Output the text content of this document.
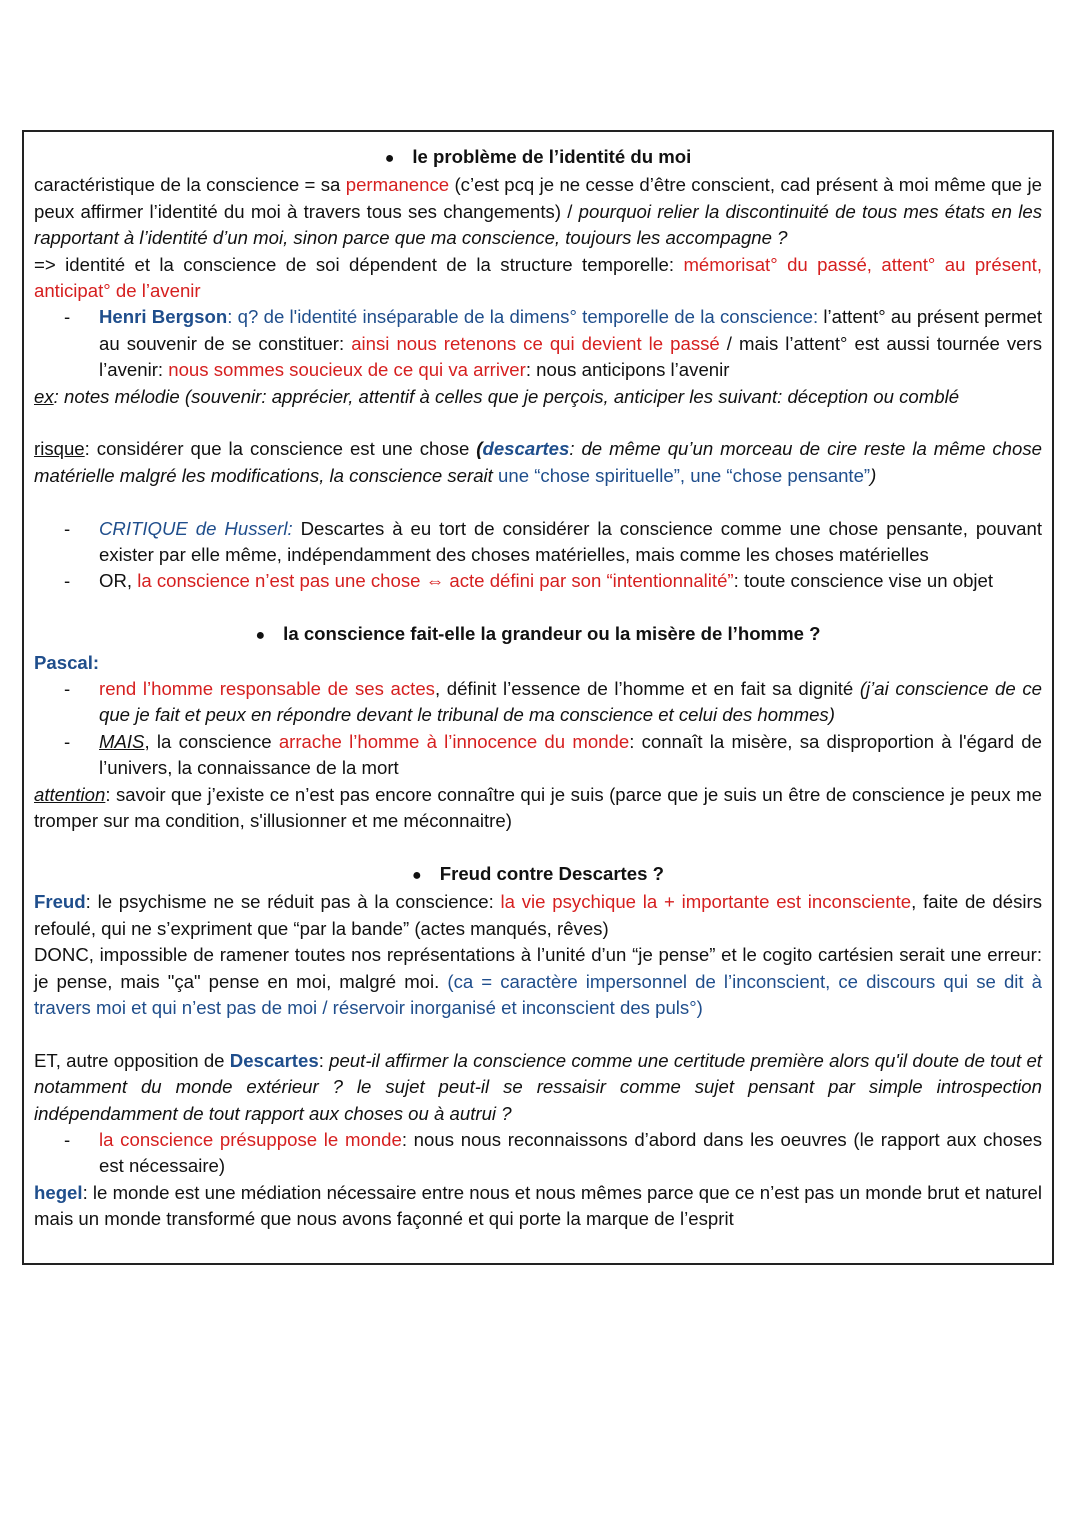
● le problème de l’identité du moi

caractéristique de la conscience = sa permanence (c’est pcq je ne cesse d’être conscient, cad présent à moi même que je peux affirmer l’identité du moi à travers tous ses changements) / pourquoi relier la discontinuité de tous mes états en les rapportant à l’identité d’un moi, sinon parce que ma conscience, toujours les accompagne ?

=> identité et la conscience de soi dépendent de la structure temporelle: mémorisat° du passé, attent° au présent, anticipat° de l’avenir

- Henri Bergson: q? de l'identité inséparable de la dimens° temporelle de la conscience: l’attent° au présent permet au souvenir de se constituer: ainsi nous retenons ce qui devient le passé / mais l’attent° est aussi tournée vers l’avenir: nous sommes soucieux de ce qui va arriver: nous anticipons l’avenir

ex: notes mélodie (souvenir: apprécier, attentif à celles que je perçois, anticiper les suivant: déception ou comblé

risque: considérer que la conscience est une chose (descartes: de même qu’un morceau de cire reste la même chose matérielle malgré les modifications, la conscience serait une “chose spirituelle”, une “chose pensante”)

- CRITIQUE de Husserl: Descartes à eu tort de considérer la conscience comme une chose pensante, pouvant exister par elle même, indépendamment des choses matérielles, mais comme les choses matérielles

- OR, la conscience n’est pas une chose ⇔ acte défini par son “intentionnalité”: toute conscience vise un objet

● la conscience fait-elle la grandeur ou la misère de l’homme ?

Pascal:

- rend l’homme responsable de ses actes, définit l’essence de l’homme et en fait sa dignité (j’ai conscience de ce que je fait et peux en répondre devant le tribunal de ma conscience et celui des hommes)

- MAIS, la conscience arrache l’homme à l’innocence du monde: connaît la misère, sa disproportion à l'égard de l’univers, la connaissance de la mort

attention: savoir que j’existe ce n’est pas encore connaître qui je suis (parce que je suis un être de conscience je peux me tromper sur ma condition, s'illusionner et me méconnaitre)

● Freud contre Descartes ?

Freud: le psychisme ne se réduit pas à la conscience: la vie psychique la + importante est inconsciente, faite de désirs refoulé, qui ne s’expriment que “par la bande” (actes manqués, rêves)

DONC, impossible de ramener toutes nos représentations à l’unité d’un “je pense” et le cogito cartésien serait une erreur: je pense, mais "ça" pense en moi, malgré moi. (ca = caractère impersonnel de l’inconscient, ce discours qui se dit à travers moi et qui n’est pas de moi / réservoir inorganisé et inconscient des puls°)

ET, autre opposition de Descartes: peut-il affirmer la conscience comme une certitude première alors qu'il doute de tout et notamment du monde extérieur ? le sujet peut-il se ressaisir comme sujet pensant par simple introspection indépendamment de tout rapport aux choses ou à autrui ?

- la conscience présuppose le monde: nous nous reconnaissons d’abord dans les oeuvres (le rapport aux choses est nécessaire)

hegel: le monde est une médiation nécessaire entre nous et nous mêmes parce que ce n’est pas un monde brut et naturel mais un monde transformé que nous avons façonné et qui porte la marque de l’esprit
